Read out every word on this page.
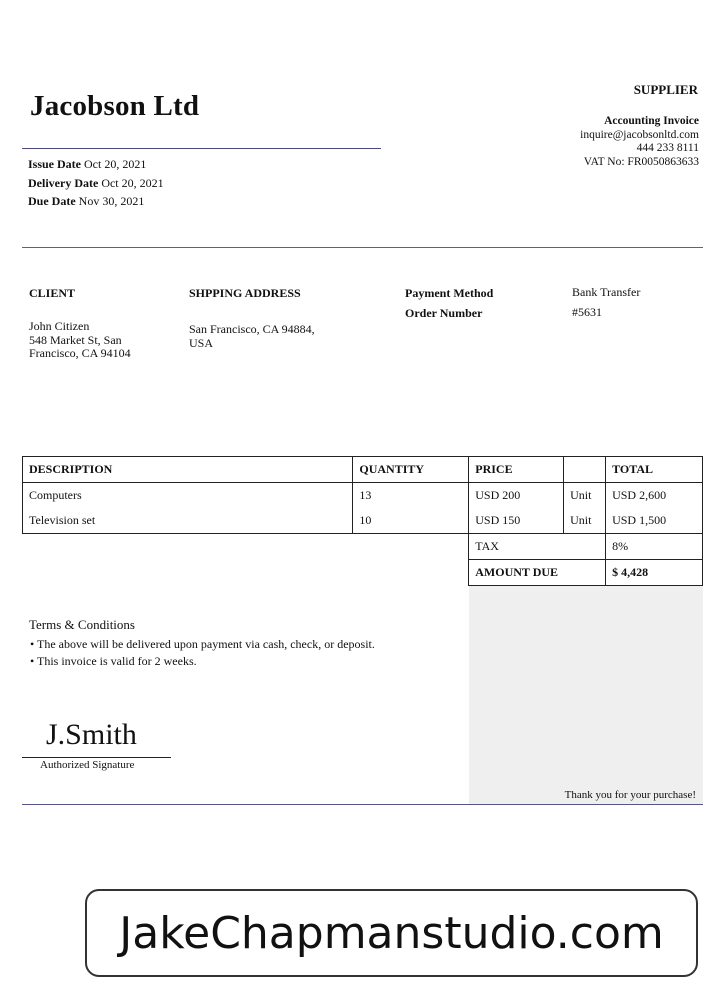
Jacobson Ltd
Issue Date Oct 20, 2021
Delivery Date Oct 20, 2021
Due Date Nov 30, 2021
SUPPLIER
Accounting Invoice
inquire@jacobsonltd.com
444 233 8111
VAT No: FR0050863633
CLIENT
John Citizen
548 Market St, San
Francisco, CA 94104
SHPPING ADDRESS
San Francisco, CA 94884,
USA
Payment Method	Bank Transfer
Order Number	#5631
DESCRIPTION	QUANTITY	PRICE		TOTAL
Computers	13	USD 200	Unit	USD 2,600
Television set	10	USD 150	Unit	USD 1,500
		TAX		8%
		AMOUNT DUE		$ 4,428
Terms & Conditions
• The above will be delivered upon payment via cash, check, or deposit.
• This invoice is valid for 2 weeks.
J.Smith
Authorized Signature
Thank you for your purchase!
JakeChapmanstudio.com
